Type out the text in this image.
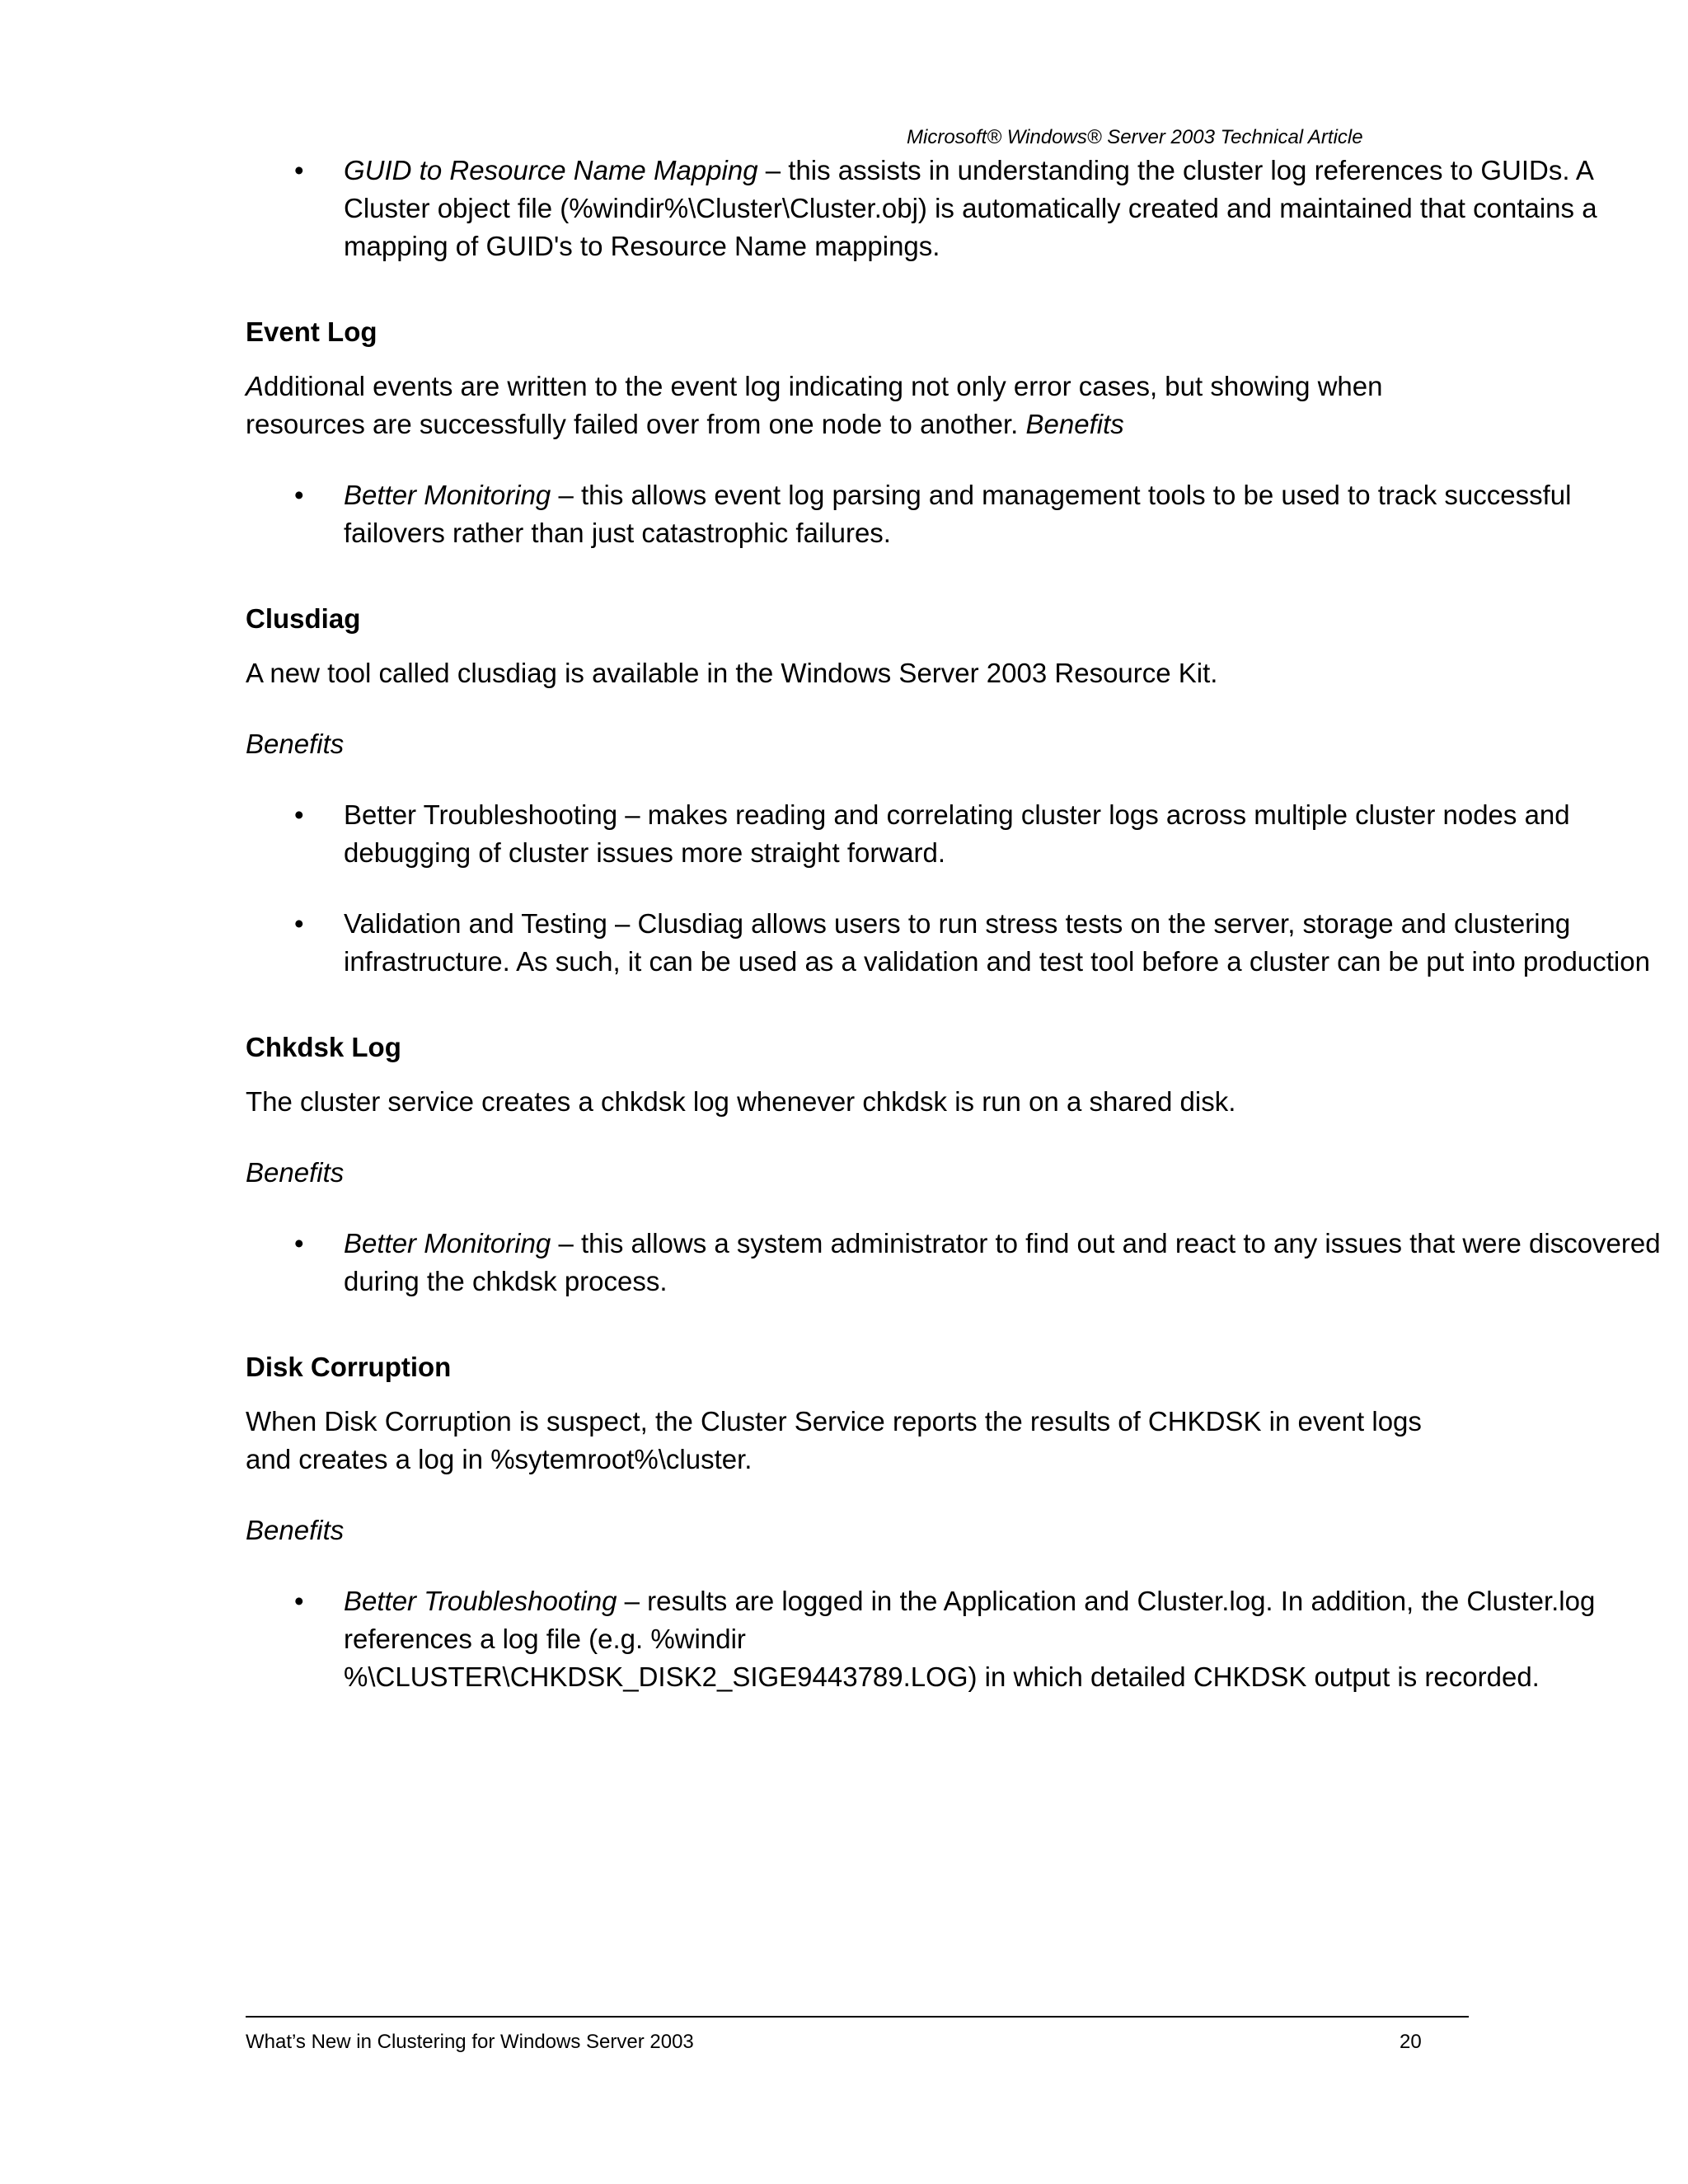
Microsoft® Windows® Server 2003 Technical Article
• GUID to Resource Name Mapping – this assists in understanding the cluster log references to GUIDs. A Cluster object file (%windir%\Cluster\Cluster.obj) is automatically created and maintained that contains a mapping of GUID's to Resource Name mappings.
Event Log

Additional events are written to the event log indicating not only error cases, but showing when resources are successfully failed over from one node to another. Benefits

• Better Monitoring – this allows event log parsing and management tools to be used to track successful failovers rather than just catastrophic failures.
Clusdiag

A new tool called clusdiag is available in the Windows Server 2003 Resource Kit.

Benefits

• Better Troubleshooting – makes reading and correlating cluster logs across multiple cluster nodes and debugging of cluster issues more straight forward.
• Validation and Testing – Clusdiag allows users to run stress tests on the server, storage and clustering infrastructure. As such, it can be used as a validation and test tool before a cluster can be put into production
Chkdsk Log

The cluster service creates a chkdsk log whenever chkdsk is run on a shared disk.

Benefits

• Better Monitoring – this allows a system administrator to find out and react to any issues that were discovered during the chkdsk process.
Disk Corruption

When Disk Corruption is suspect, the Cluster Service reports the results of CHKDSK in event logs and creates a log in %sytemroot%\cluster.

Benefits

• Better Troubleshooting – results are logged in the Application and Cluster.log. In addition, the Cluster.log references a log file (e.g. %windir
%\CLUSTER\CHKDSK_DISK2_SIGE9443789.LOG) in which detailed CHKDSK output is recorded.
What’s New in Clustering for Windows Server 2003	20
